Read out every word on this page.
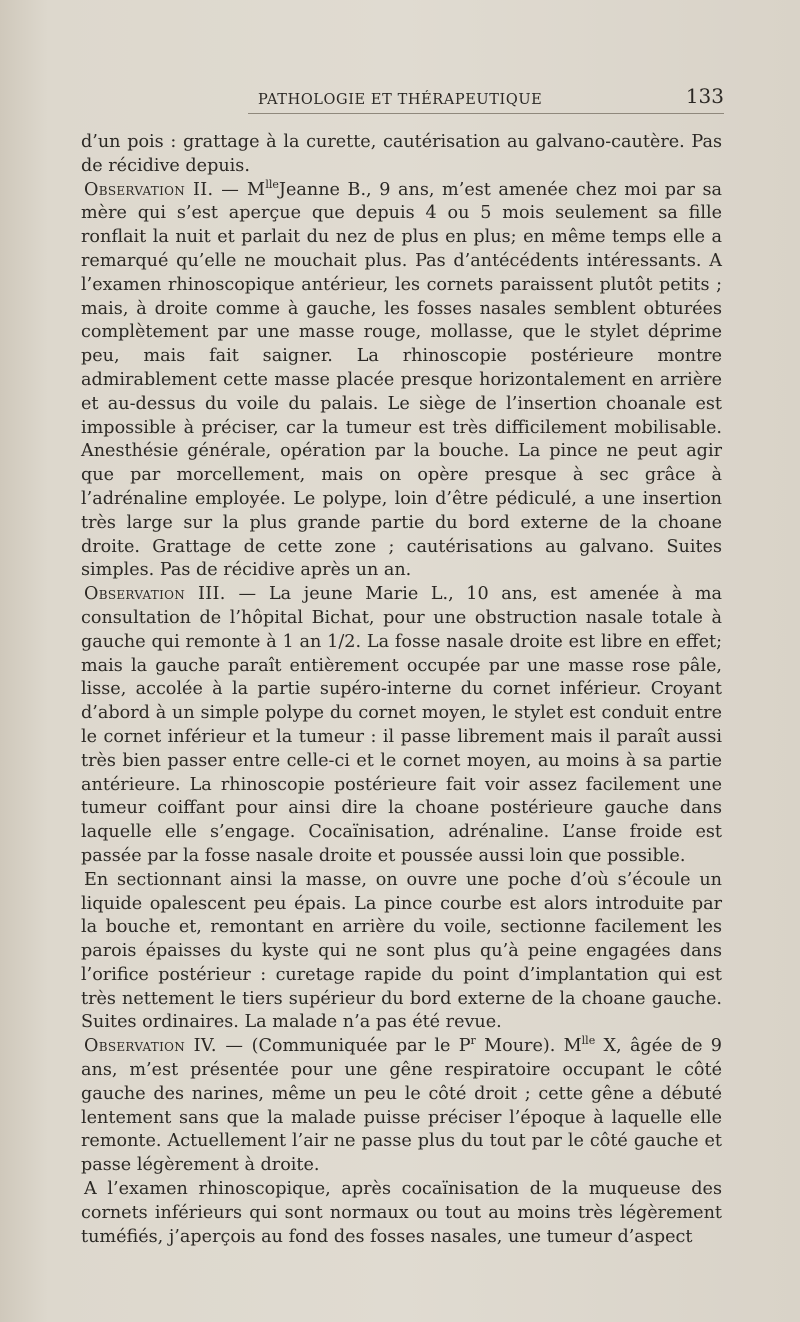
PATHOLOGIE ET THÉRAPEUTIQUE	133

d’un pois : grattage à la curette, cautérisation au galvano-cautère. Pas de récidive depuis.

Observation II. — $M^{lle}Jeanne$ B., 9 ans, m’est amenée chez moi par sa mère qui s’est aperçue que depuis 4 ou 5 mois seulement sa fille ronflait la nuit et parlait du nez de plus en plus; en même temps elle a remarqué qu’elle ne mouchait plus. Pas d’antécédents intéressants. A l’examen rhinoscopique antérieur, les cornets paraissent plutôt petits ; mais, à droite comme à gauche, les fosses nasales semblent obturées complètement par une masse rouge, mollasse, que le stylet déprime peu, mais fait saigner. La rhinoscopie postérieure montre admirablement cette masse placée presque horizontalement en arrière et au-dessus du voile du palais. Le siège de l’insertion choanale est impossible à préciser, car la tumeur est très difficilement mobilisable. Anesthésie générale, opération par la bouche. La pince ne peut agir que par morcellement, mais on opère presque à sec grâce à l’adrénaline employée. Le polype, loin d’être pédiculé, a une insertion très large sur la plus grande partie du bord externe de la choane droite. Grattage de cette zone ; cautérisations au galvano. Suites simples. Pas de récidive après un an.

Observation III. — La jeune Marie L., 10 ans, est amenée à ma consultation de l’hôpital Bichat, pour une obstruction nasale totale à gauche qui remonte à 1 an 1/2. La fosse nasale droite est libre en effet; mais la gauche paraît entièrement occupée par une masse rose pâle, lisse, accolée à la partie supéro-interne du cornet inférieur. Croyant d’abord à un simple polype du cornet moyen, le stylet est conduit entre le cornet inférieur et la tumeur : il passe librement mais il paraît aussi très bien passer entre celle-ci et le cornet moyen, au moins à sa partie antérieure. La rhinoscopie postérieure fait voir assez facilement une tumeur coiffant pour ainsi dire la choane postérieure gauche dans laquelle elle s’engage. Cocaïnisation, adrénaline. L’anse froide est passée par la fosse nasale droite et poussée aussi loin que possible.

En sectionnant ainsi la masse, on ouvre une poche d’où s’écoule un liquide opalescent peu épais. La pince courbe est alors introduite par la bouche et, remontant en arrière du voile, sectionne facilement les parois épaisses du kyste qui ne sont plus qu’à peine engagées dans l’orifice postérieur : curetage rapide du point d’implantation qui est très nettement le tiers supérieur du bord externe de la choane gauche. Suites ordinaires. La malade n’a pas été revue.

Observation IV. — (Communiquée par le $P^r$ Moure). $M^{lle}$ X, âgée de 9 ans, m’est présentée pour une gêne respiratoire occupant le côté gauche des narines, même un peu le côté droit ; cette gêne a débuté lentement sans que la malade puisse préciser l’époque à laquelle elle remonte. Actuellement l’air ne passe plus du tout par le côté gauche et passe légèrement à droite.

A l’examen rhinoscopique, après cocaïnisation de la muqueuse des cornets inférieurs qui sont normaux ou tout au moins très légèrement tuméfiés, j’aperçois au fond des fosses nasales, une tumeur d’aspect
